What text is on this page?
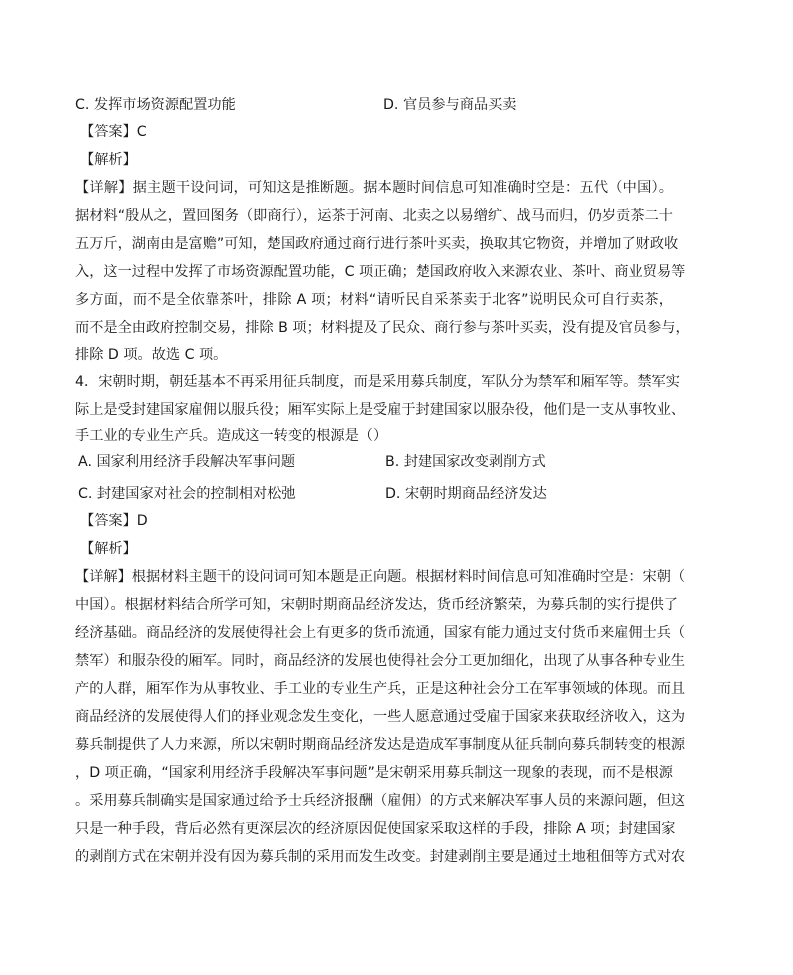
C. 发挥市场资源配置功能	D. 官员参与商品买卖
【答案】C
【解析】
【详解】据主题干设问词，可知这是推断题。据本题时间信息可知准确时空是：五代（中国）。
据材料“殷从之，置回图务（即商行），运茶于河南、北卖之以易缯纩、战马而归，仍岁贡茶二十
五万斤，湖南由是富赡”可知，楚国政府通过商行进行茶叶买卖，换取其它物资，并增加了财政收
入，这一过程中发挥了市场资源配置功能，C 项正确；楚国政府收入来源农业、茶叶、商业贸易等
多方面，而不是全依靠茶叶，排除 A 项；材料“请听民自采茶卖于北客”说明民众可自行卖茶，
而不是全由政府控制交易，排除 B 项；材料提及了民众、商行参与茶叶买卖，没有提及官员参与，
排除 D 项。故选 C 项。
4．宋朝时期，朝廷基本不再采用征兵制度，而是采用募兵制度，军队分为禁军和厢军等。禁军实
际上是受封建国家雇佣以服兵役；厢军实际上是受雇于封建国家以服杂役，他们是一支从事牧业、
手工业的专业生产兵。造成这一转变的根源是（）
A. 国家利用经济手段解决军事问题	B. 封建国家改变剥削方式
C. 封建国家对社会的控制相对松弛	D. 宋朝时期商品经济发达
【答案】D
【解析】
【详解】根据材料主题干的设问词可知本题是正向题。根据材料时间信息可知准确时空是：宋朝（
中国）。根据材料结合所学可知，宋朝时期商品经济发达，货币经济繁荣，为募兵制的实行提供了
经济基础。商品经济的发展使得社会上有更多的货币流通，国家有能力通过支付货币来雇佣士兵（
禁军）和服杂役的厢军。同时，商品经济的发展也使得社会分工更加细化，出现了从事各种专业生
产的人群，厢军作为从事牧业、手工业的专业生产兵，正是这种社会分工在军事领域的体现。而且
商品经济的发展使得人们的择业观念发生变化，一些人愿意通过受雇于国家来获取经济收入，这为
募兵制提供了人力来源，所以宋朝时期商品经济发达是造成军事制度从征兵制向募兵制转变的根源
，D 项正确，“国家利用经济手段解决军事问题”是宋朝采用募兵制这一现象的表现，而不是根源
。采用募兵制确实是国家通过给予士兵经济报酬（雇佣）的方式来解决军事人员的来源问题，但这
只是一种手段，背后必然有更深层次的经济原因促使国家采取这样的手段，排除 A 项；封建国家
的剥削方式在宋朝并没有因为募兵制的采用而发生改变。封建剥削主要是通过土地租佃等方式对农
